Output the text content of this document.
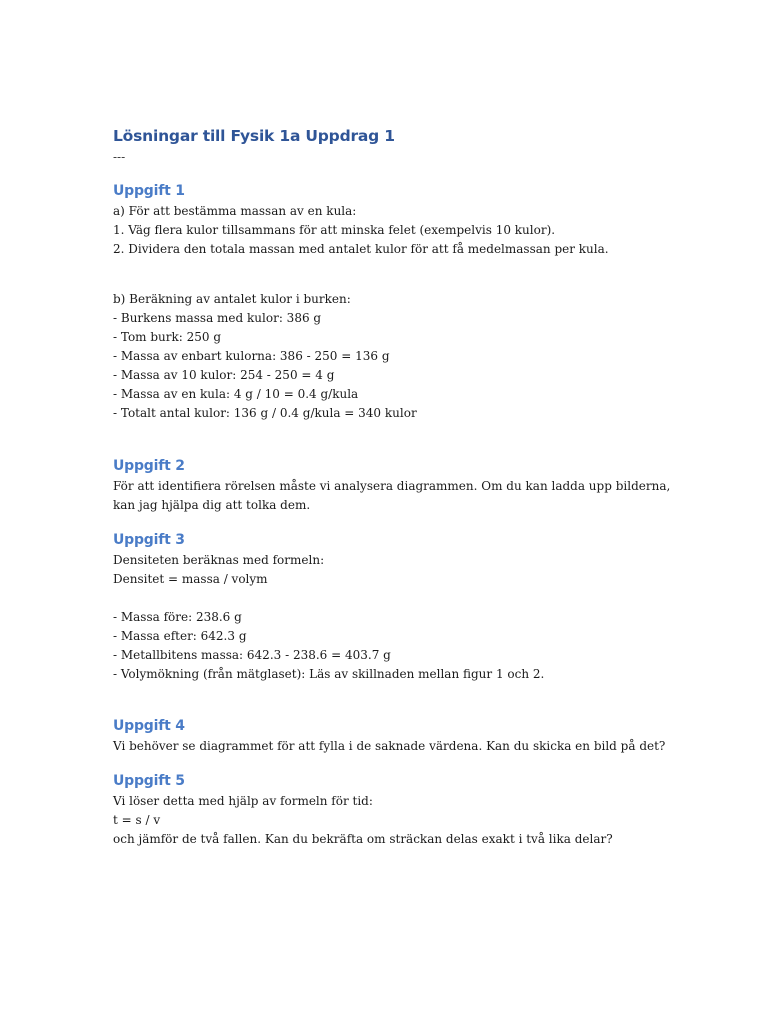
Lösningar till Fysik 1a Uppdrag 1

---

Uppgift 1

a) För att bestämma massan av en kula:

1. Väg flera kulor tillsammans för att minska felet (exempelvis 10 kulor).

2. Dividera den totala massan med antalet kulor för att få medelmassan per kula.

b) Beräkning av antalet kulor i burken:

- Burkens massa med kulor: 386 g

- Tom burk: 250 g

- Massa av enbart kulorna: 386 - 250 = 136 g

- Massa av 10 kulor: 254 - 250 = 4 g

- Massa av en kula: 4 g / 10 = 0.4 g/kula

- Totalt antal kulor: 136 g / 0.4 g/kula = 340 kulor

Uppgift 2

För att identifiera rörelsen måste vi analysera diagrammen. Om du kan ladda upp bilderna,

kan jag hjälpa dig att tolka dem.

Uppgift 3

Densiteten beräknas med formeln:

Densitet = massa / volym

- Massa före: 238.6 g

- Massa efter: 642.3 g

- Metallbitens massa: 642.3 - 238.6 = 403.7 g

- Volymökning (från mätglaset): Läs av skillnaden mellan figur 1 och 2.

Uppgift 4

Vi behöver se diagrammet för att fylla i de saknade värdena. Kan du skicka en bild på det?

Uppgift 5

Vi löser detta med hjälp av formeln för tid:

t = s / v

och jämför de två fallen. Kan du bekräfta om sträckan delas exakt i två lika delar?
